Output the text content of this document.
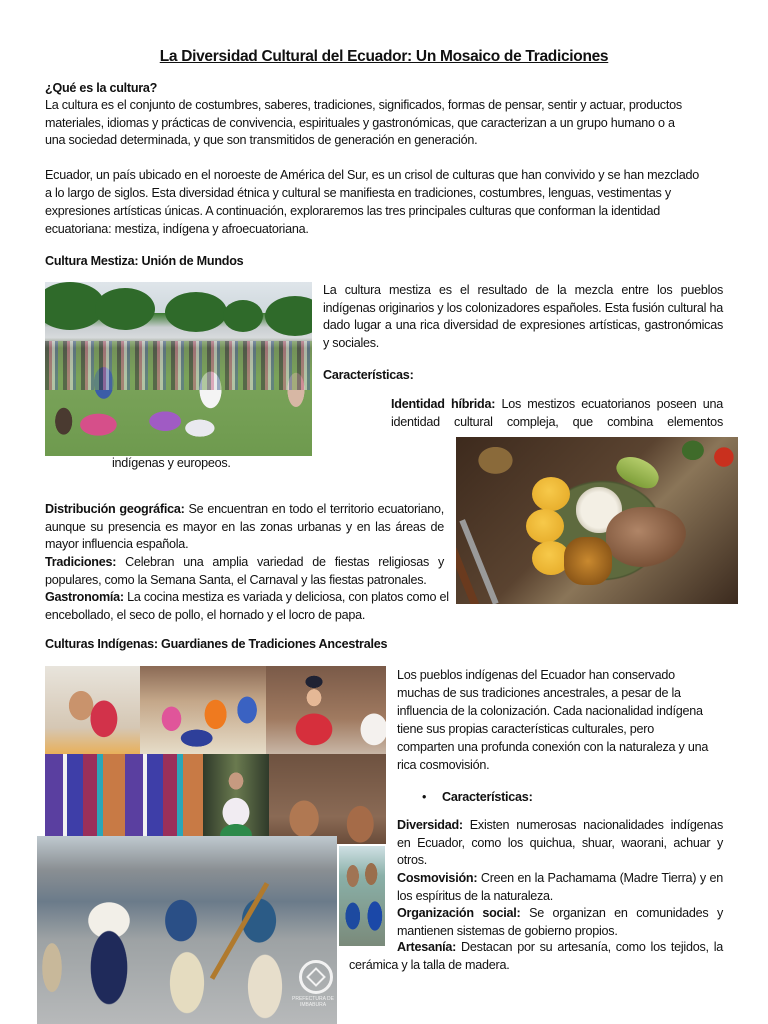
La Diversidad Cultural del Ecuador: Un Mosaico de Tradiciones
¿Qué es la cultura?
La cultura es el conjunto de costumbres, saberes, tradiciones, significados, formas de pensar, sentir y actuar, productos
materiales, idiomas y prácticas de convivencia, espirituales y gastronómicas, que caracterizan a un grupo humano o a
una sociedad determinada, y que son transmitidos de generación en generación.
Ecuador, un país ubicado en el noroeste de América del Sur, es un crisol de culturas que han convivido y se han mezclado
a lo largo de siglos. Esta diversidad étnica y cultural se manifiesta en tradiciones, costumbres, lenguas, vestimentas y
expresiones artísticas únicas. A continuación, exploraremos las tres principales culturas que conforman la identidad
ecuatoriana: mestiza, indígena y afroecuatoriana.
Cultura Mestiza: Unión de Mundos
La cultura mestiza es el resultado de la mezcla entre los pueblos indígenas originarios y los colonizadores españoles. Esta fusión cultural ha dado lugar a una rica diversidad de expresiones artísticas, gastronómicas y sociales.
Características:
Identidad híbrida: Los mestizos ecuatorianos poseen una
identidad cultural compleja, que combina elementos
indígenas y europeos.
Distribución geográfica: Se encuentran en todo el territorio ecuatoriano, aunque su presencia es mayor en las zonas urbanas y en las áreas de mayor influencia española.
Tradiciones: Celebran una amplia variedad de fiestas religiosas y populares, como la Semana Santa, el Carnaval y las fiestas patronales.
Gastronomía: La cocina mestiza es variada y deliciosa, con platos como el encebollado, el seco de pollo, el hornado y el locro de papa.
Culturas Indígenas: Guardianes de Tradiciones Ancestrales
PREFECTURA DE IMBABURA
Los pueblos indígenas del Ecuador han conservado
muchas de sus tradiciones ancestrales, a pesar de la
influencia de la colonización. Cada nacionalidad indígena
tiene sus propias características culturales, pero
comparten una profunda conexión con la naturaleza y una
rica cosmovisión.
• Características:
Diversidad: Existen numerosas nacionalidades indígenas en Ecuador, como los quichua, shuar, waorani, achuar y otros.
Cosmovisión: Creen en la Pachamama (Madre Tierra) y en los espíritus de la naturaleza.
Organización social: Se organizan en comunidades y mantienen sistemas de gobierno propios.
Artesanía: Destacan por su artesanía, como los tejidos, la
cerámica y la talla de madera.
